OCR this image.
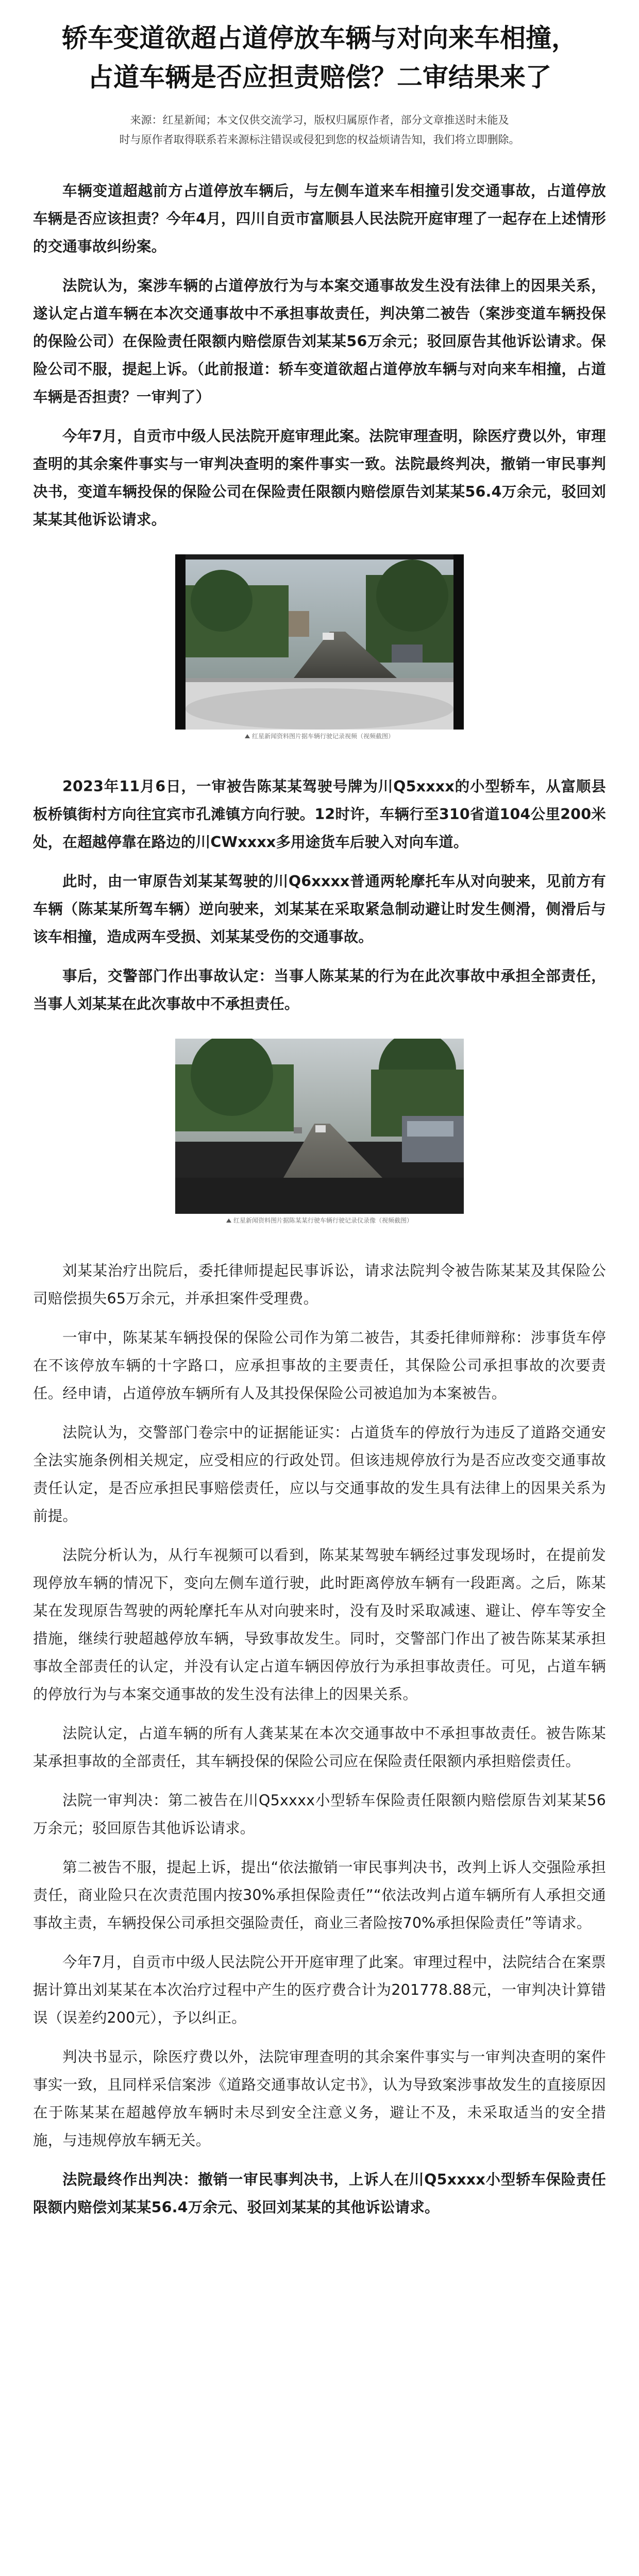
轿车变道欲超占道停放车辆与对向来车相撞，
占道车辆是否应担责赔偿？二审结果来了
来源：红星新闻；本文仅供交流学习，版权归属原作者，部分文章推送时未能及
时与原作者取得联系若来源标注错误或侵犯到您的权益烦请告知，我们将立即删除。

车辆变道超越前方占道停放车辆后，与左侧车道来车相撞引发交通事故，占道停放车辆是否应该担责？今年4月，四川自贡市富顺县人民法院开庭审理了一起存在上述情形的交通事故纠纷案。

法院认为，案涉车辆的占道停放行为与本案交通事故发生没有法律上的因果关系，遂认定占道车辆在本次交通事故中不承担事故责任，判决第二被告（案涉变道车辆投保的保险公司）在保险责任限额内赔偿原告刘某某56万余元；驳回原告其他诉讼请求。保险公司不服，提起上诉。（此前报道：轿车变道欲超占道停放车辆与对向来车相撞，占道车辆是否担责？一审判了）

今年7月，自贡市中级人民法院开庭审理此案。法院审理查明，除医疗费以外，审理查明的其余案件事实与一审判决查明的案件事实一致。法院最终判决，撤销一审民事判决书，变道车辆投保的保险公司在保险责任限额内赔偿原告刘某某56.4万余元，驳回刘某某其他诉讼请求。

红星新闻资料图片据车辆行驶记录视频（视频截图）

2023年11月6日，一审被告陈某某驾驶号牌为川Q5xxxx的小型轿车，从富顺县板桥镇街村方向往宜宾市孔滩镇方向行驶。12时许，车辆行至310省道104公里200米处，在超越停靠在路边的川CWxxxx多用途货车后驶入对向车道。

此时，由一审原告刘某某驾驶的川Q6xxxx普通两轮摩托车从对向驶来，见前方有车辆（陈某某所驾车辆）逆向驶来，刘某某在采取紧急制动避让时发生侧滑，侧滑后与该车相撞，造成两车受损、刘某某受伤的交通事故。

事后，交警部门作出事故认定：当事人陈某某的行为在此次事故中承担全部责任，当事人刘某某在此次事故中不承担责任。

红星新闻资料图片据陈某某行驶车辆行驶记录仪录像（视频截图）

刘某某治疗出院后，委托律师提起民事诉讼，请求法院判令被告陈某某及其保险公司赔偿损失65万余元，并承担案件受理费。

一审中，陈某某车辆投保的保险公司作为第二被告，其委托律师辩称：涉事货车停在不该停放车辆的十字路口，应承担事故的主要责任，其保险公司承担事故的次要责任。经申请，占道停放车辆所有人及其投保保险公司被追加为本案被告。

法院认为，交警部门卷宗中的证据能证实：占道货车的停放行为违反了道路交通安全法实施条例相关规定，应受相应的行政处罚。但该违规停放行为是否应改变交通事故责任认定，是否应承担民事赔偿责任，应以与交通事故的发生具有法律上的因果关系为前提。

法院分析认为，从行车视频可以看到，陈某某驾驶车辆经过事发现场时，在提前发现停放车辆的情况下，变向左侧车道行驶，此时距离停放车辆有一段距离。之后，陈某某在发现原告驾驶的两轮摩托车从对向驶来时，没有及时采取减速、避让、停车等安全措施，继续行驶超越停放车辆，导致事故发生。同时，交警部门作出了被告陈某某承担事故全部责任的认定，并没有认定占道车辆因停放行为承担事故责任。可见，占道车辆的停放行为与本案交通事故的发生没有法律上的因果关系。

法院认定，占道车辆的所有人龚某某在本次交通事故中不承担事故责任。被告陈某某承担事故的全部责任，其车辆投保的保险公司应在保险责任限额内承担赔偿责任。

法院一审判决：第二被告在川Q5xxxx小型轿车保险责任限额内赔偿原告刘某某56万余元；驳回原告其他诉讼请求。

第二被告不服，提起上诉，提出“依法撤销一审民事判决书，改判上诉人交强险承担责任，商业险只在次责范围内按30%承担保险责任”“依法改判占道车辆所有人承担交通事故主责，车辆投保公司承担交强险责任，商业三者险按70%承担保险责任”等请求。

今年7月，自贡市中级人民法院公开开庭审理了此案。审理过程中，法院结合在案票据计算出刘某某在本次治疗过程中产生的医疗费合计为201778.88元，一审判决计算错误（误差约200元），予以纠正。

判决书显示，除医疗费以外，法院审理查明的其余案件事实与一审判决查明的案件事实一致，且同样采信案涉《道路交通事故认定书》，认为导致案涉事故发生的直接原因在于陈某某在超越停放车辆时未尽到安全注意义务，避让不及，未采取适当的安全措施，与违规停放车辆无关。

法院最终作出判决：撤销一审民事判决书，上诉人在川Q5xxxx小型轿车保险责任限额内赔偿刘某某56.4万余元、驳回刘某某的其他诉讼请求。
